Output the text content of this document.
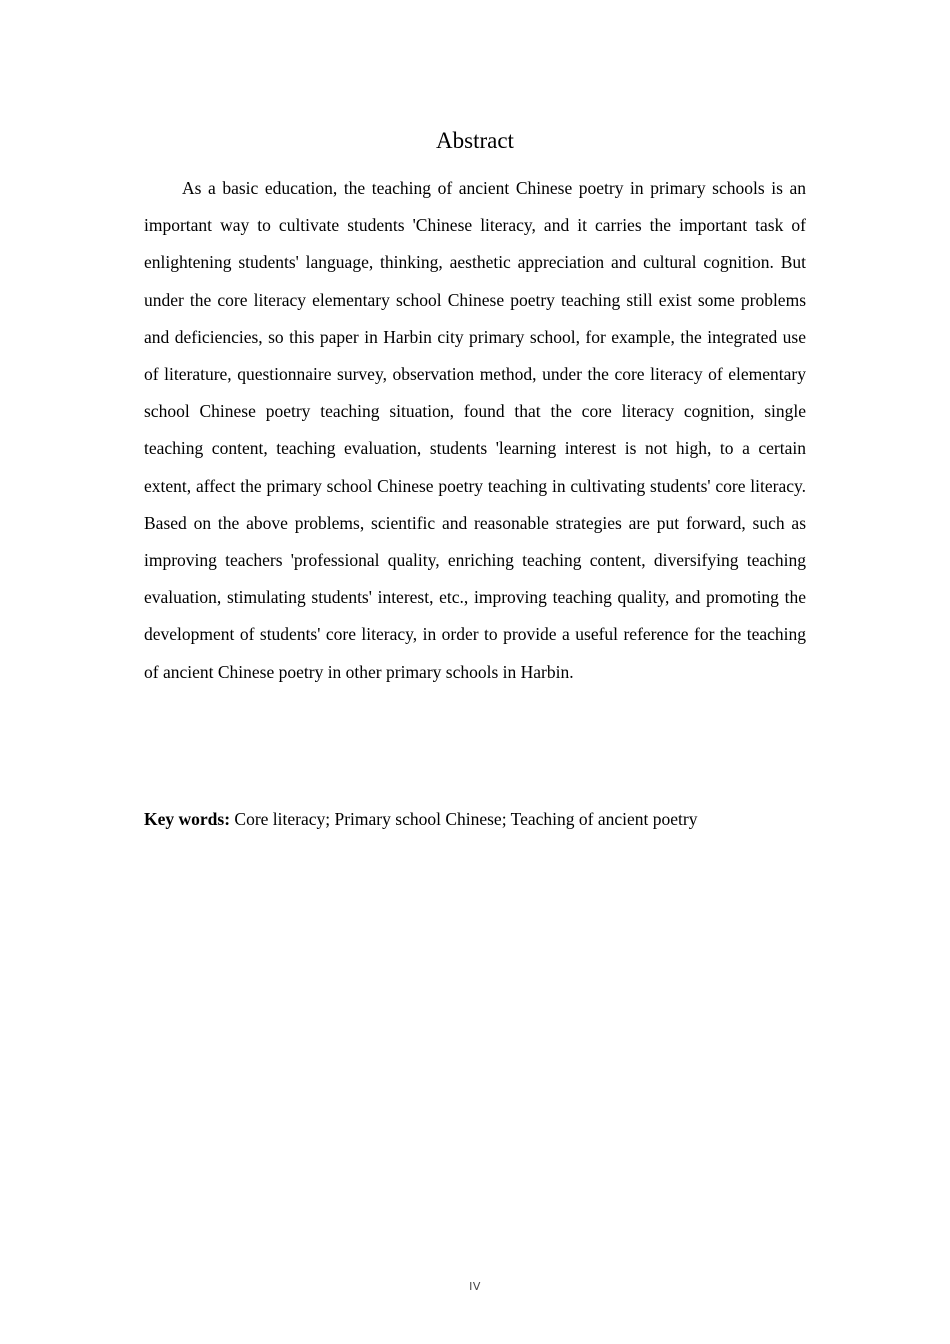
Abstract

As a basic education, the teaching of ancient Chinese poetry in primary schools is an important way to cultivate students 'Chinese literacy, and it carries the important task of enlightening students' language, thinking, aesthetic appreciation and cultural cognition. But under the core literacy elementary school Chinese poetry teaching still exist some problems and deficiencies, so this paper in Harbin city primary school, for example, the integrated use of literature, questionnaire survey, observation method, under the core literacy of elementary school Chinese poetry teaching situation, found that the core literacy cognition, single teaching content, teaching evaluation, students 'learning interest is not high, to a certain extent, affect the primary school Chinese poetry teaching in cultivating students' core literacy. Based on the above problems, scientific and reasonable strategies are put forward, such as improving teachers 'professional quality, enriching teaching content, diversifying teaching evaluation, stimulating students' interest, etc., improving teaching quality, and promoting the development of students' core literacy, in order to provide a useful reference for the teaching of ancient Chinese poetry in other primary schools in Harbin.

Key words: Core literacy; Primary school Chinese; Teaching of ancient poetry

IV
